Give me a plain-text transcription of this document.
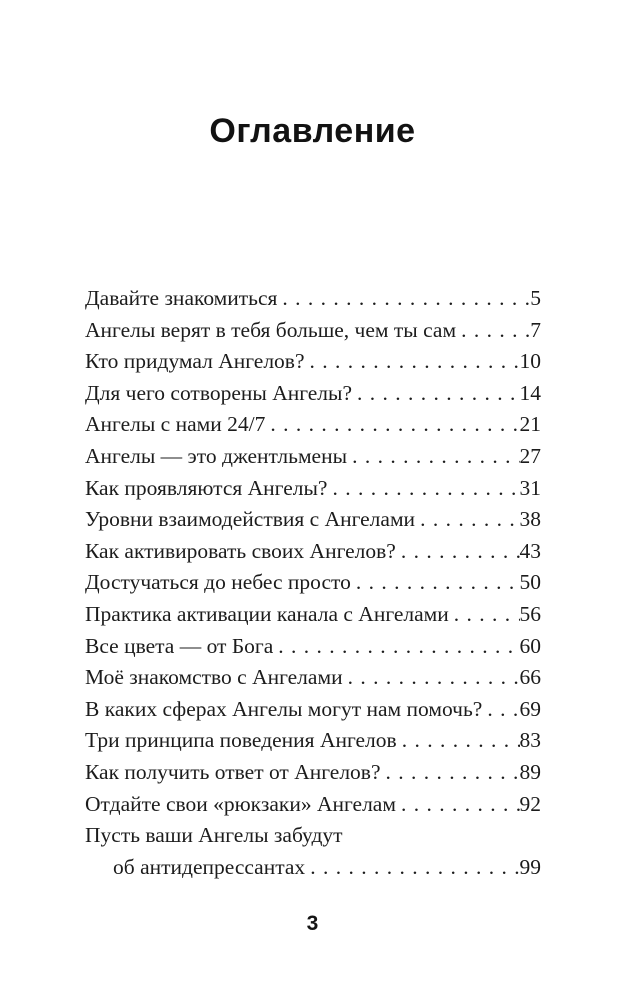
Оглавление
Давайте знакомиться . . .	5
Ангелы верят в тебя больше, чем ты сам . . .	7
Кто придумал Ангелов? . . .	10
Для чего сотворены Ангелы? . . .	14
Ангелы с нами 24/7 . . .	21
Ангелы — это джентльмены . . .	27
Как проявляются Ангелы? . . .	31
Уровни взаимодействия с Ангелами . . .	38
Как активировать своих Ангелов? . . .	43
Достучаться до небес просто . . .	50
Практика активации канала с Ангелами . . .	56
Все цвета — от Бога . . .	60
Моё знакомство с Ангелами . . .	66
В каких сферах Ангелы могут нам помочь? . . . 69
Три принципа поведения Ангелов . . .	83
Как получить ответ от Ангелов? . . .	89
Отдайте свои «рюкзаки» Ангелам . . .	92
Пусть ваши Ангелы забудут
об антидепрессантах . . .	99
3
